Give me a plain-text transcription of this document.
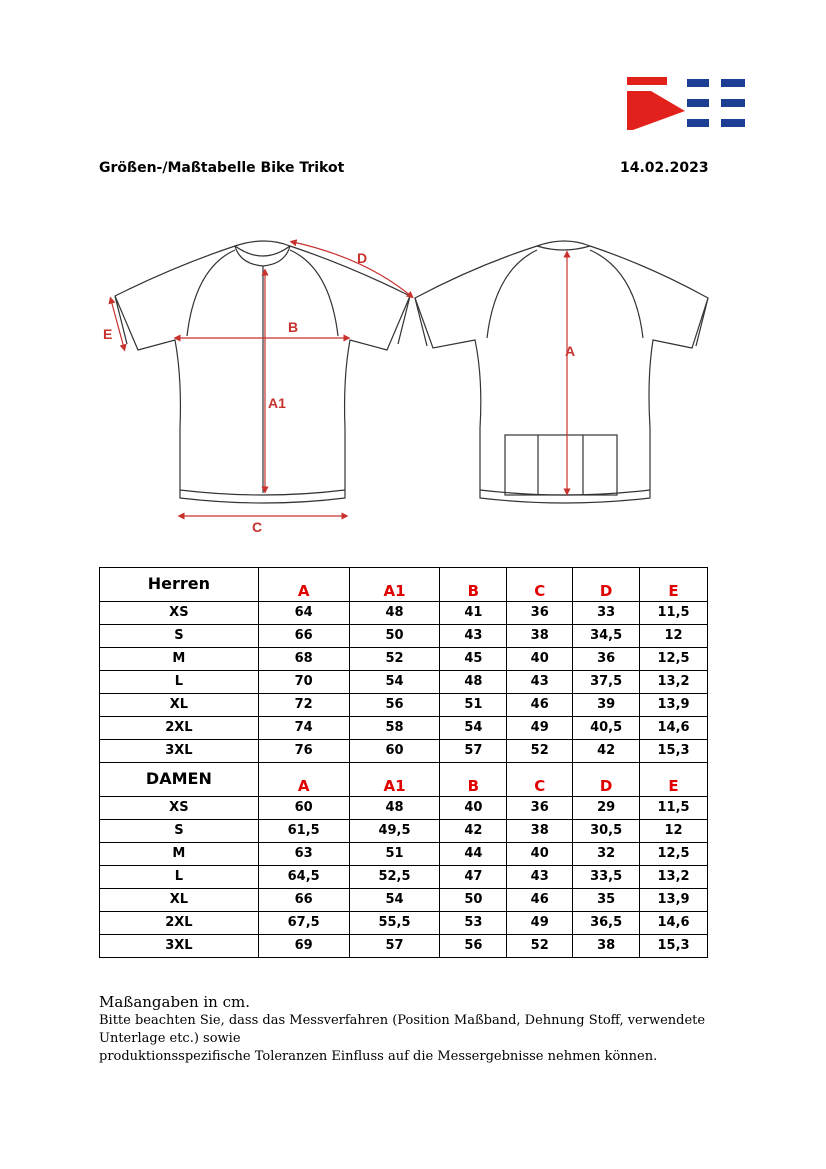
Größen-/Maßtabelle Bike Trikot	14.02.2023
A1
B
C
D
E
A
Herren	A	A1	B	C	D	E
XS	64	48	41	36	33	11,5
S	66	50	43	38	34,5	12
M	68	52	45	40	36	12,5
L	70	54	48	43	37,5	13,2
XL	72	56	51	46	39	13,9
2XL	74	58	54	49	40,5	14,6
3XL	76	60	57	52	42	15,3
DAMEN	A	A1	B	C	D	E
XS	60	48	40	36	29	11,5
S	61,5	49,5	42	38	30,5	12
M	63	51	44	40	32	12,5
L	64,5	52,5	47	43	33,5	13,2
XL	66	54	50	46	35	13,9
2XL	67,5	55,5	53	49	36,5	14,6
3XL	69	57	56	52	38	15,3
Maßangaben in cm.
Bitte beachten Sie, dass das Messverfahren (Position Maßband, Dehnung Stoff, verwendete Unterlage etc.) sowie
produktionsspezifische Toleranzen Einfluss auf die Messergebnisse nehmen können.
